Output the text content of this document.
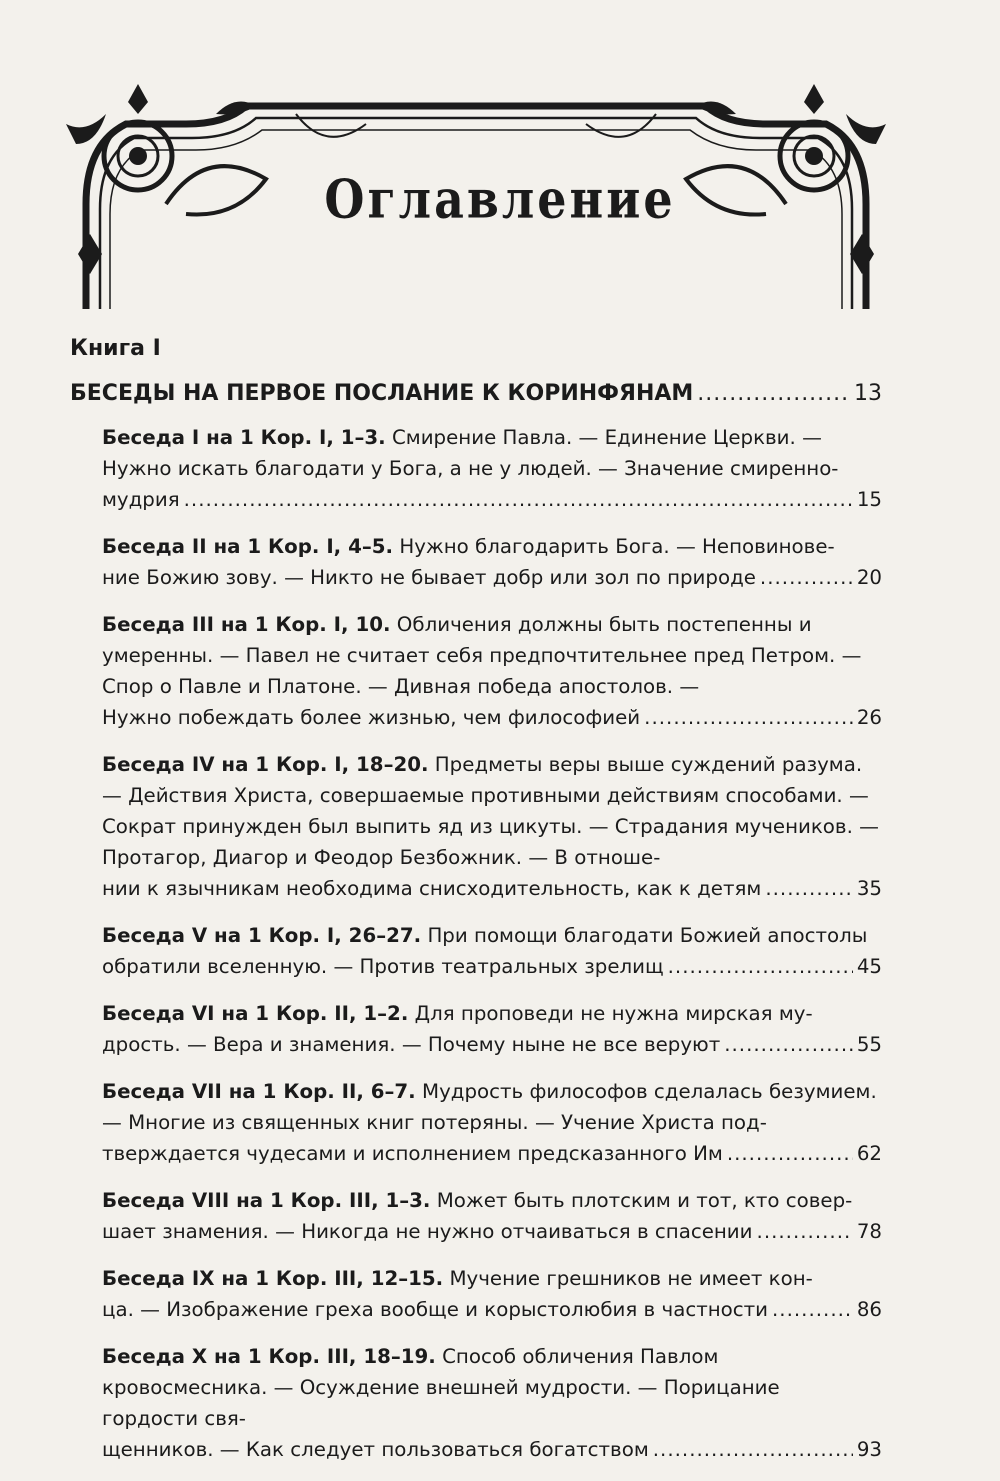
Оглавление
Книга I
БЕСЕДЫ НА ПЕРВОЕ ПОСЛАНИЕ К КОРИНФЯНАМ .....	13
Беседа I на 1 Кор. I, 1–3. Смирение Павла. — Единение Церкви. — Нужно искать благодати у Бога, а не у людей. — Значение смиренно-
мудрия .....	15
Беседа II на 1 Кор. I, 4–5. Нужно благодарить Бога. — Неповинове-
ние Божию зову. — Никто не бывает добр или зол по природе .....	20
Беседа III на 1 Кор. I, 10. Обличения должны быть постепенны и умеренны. — Павел не считает себя предпочтительнее пред Петром. — Спор о Павле и Платоне. — Дивная победа апостолов. —
Нужно побеждать более жизнью, чем философией .....	26
Беседа IV на 1 Кор. I, 18–20. Предметы веры выше суждений разума. — Действия Христа, совершаемые противными действиям способами. — Сократ принужден был выпить яд из цикуты. — Страдания мучеников. — Протагор, Диагор и Феодор Безбожник. — В отноше-
нии к язычникам необходима снисходительность, как к детям .....	35
Беседа V на 1 Кор. I, 26–27. При помощи благодати Божией апостолы
обратили вселенную. — Против театральных зрелищ .....	45
Беседа VI на 1 Кор. II, 1–2. Для проповеди не нужна мирская му-
дрость. — Вера и знамения. — Почему ныне не все веруют .....	55
Беседа VII на 1 Кор. II, 6–7. Мудрость философов сделалась безумием. — Многие из священных книг потеряны. — Учение Христа под-
тверждается чудесами и исполнением предсказанного Им .....	62
Беседа VIII на 1 Кор. III, 1–3. Может быть плотским и тот, кто совер-
шает знамения. — Никогда не нужно отчаиваться в спасении .....	78
Беседа IX на 1 Кор. III, 12–15. Мучение грешников не имеет кон-
ца. — Изображение греха вообще и корыстолюбия в частности .....	86
Беседа X на 1 Кор. III, 18–19. Способ обличения Павлом кровосмесника. — Осуждение внешней мудрости. — Порицание гордости свя-
щенников. — Как следует пользоваться богатством .....	93
